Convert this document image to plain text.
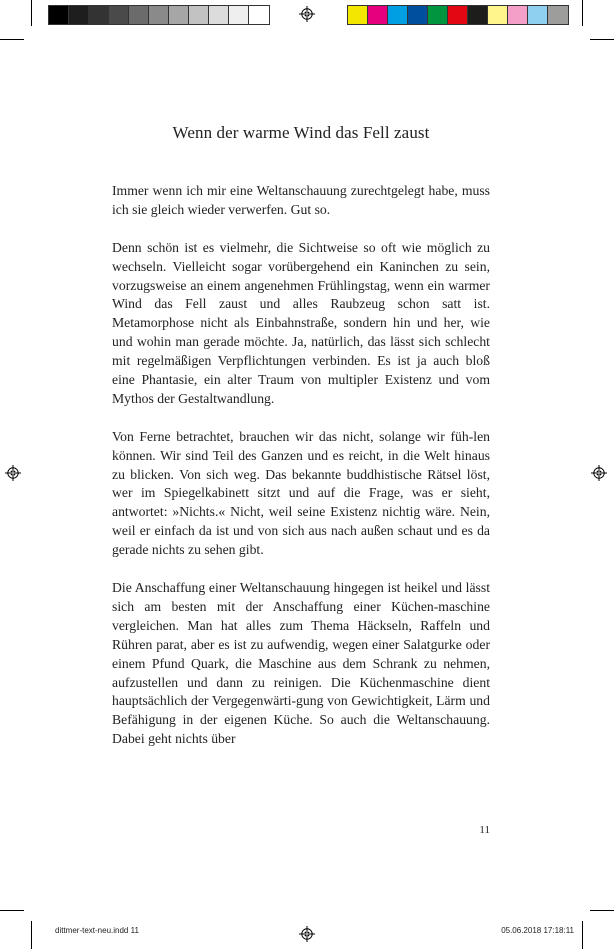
Wenn der warme Wind das Fell zaust

Immer wenn ich mir eine Weltanschauung zurechtgelegt habe, muss ich sie gleich wieder verwerfen. Gut so.

Denn schön ist es vielmehr, die Sichtweise so oft wie möglich zu wechseln. Vielleicht sogar vorübergehend ein Kaninchen zu sein, vorzugsweise an einem angenehmen Frühlingstag, wenn ein warmer Wind das Fell zaust und alles Raubzeug schon satt ist. Metamorphose nicht als Einbahnstraße, sondern hin und her, wie und wohin man gerade möchte. Ja, natürlich, das lässt sich schlecht mit regelmäßigen Verpflichtungen verbinden. Es ist ja auch bloß eine Phantasie, ein alter Traum von multipler Existenz und vom Mythos der Gestaltwandlung.

Von Ferne betrachtet, brauchen wir das nicht, solange wir füh-len können. Wir sind Teil des Ganzen und es reicht, in die Welt hinaus zu blicken. Von sich weg. Das bekannte buddhistische Rätsel löst, wer im Spiegelkabinett sitzt und auf die Frage, was er sieht, antwortet: »Nichts.« Nicht, weil seine Existenz nichtig wäre. Nein, weil er einfach da ist und von sich aus nach außen schaut und es da gerade nichts zu sehen gibt.

Die Anschaffung einer Weltanschauung hingegen ist heikel und lässt sich am besten mit der Anschaffung einer Küchen-maschine vergleichen. Man hat alles zum Thema Häckseln, Raffeln und Rühren parat, aber es ist zu aufwendig, wegen einer Salatgurke oder einem Pfund Quark, die Maschine aus dem Schrank zu nehmen, aufzustellen und dann zu reinigen. Die Küchenmaschine dient hauptsächlich der Vergegenwärti-gung von Gewichtigkeit, Lärm und Befähigung in der eigenen Küche. So auch die Weltanschauung. Dabei geht nichts über

11
dittmer-text-neu.indd 11	05.06.2018 17:18:11
